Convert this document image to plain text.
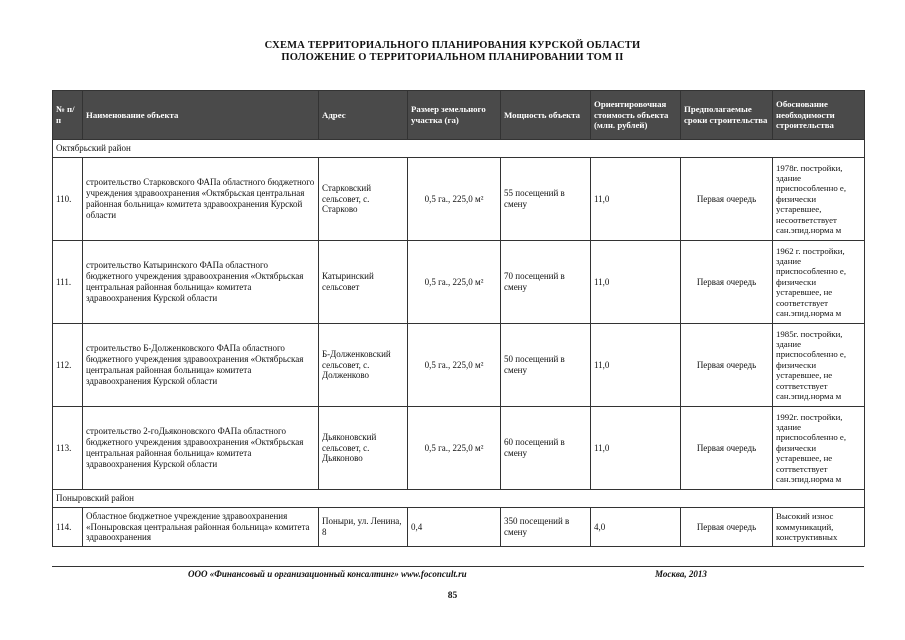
СХЕМА ТЕРРИТОРИАЛЬНОГО ПЛАНИРОВАНИЯ КУРСКОЙ ОБЛАСТИ
ПОЛОЖЕНИЕ О ТЕРРИТОРИАЛЬНОМ ПЛАНИРОВАНИИ ТОМ II
№ п/п	Наименование объекта	Адрес	Размер земельного участка (га)	Мощность объекта	Ориентировочная стоимость объекта (млн. рублей)	Предполагаемые сроки строительства	Обоснование необходимости строительства
Октябрьский район							
110.	строительство Старковского ФАПа областного бюджетного учреждения здравоохранения «Октябрьская центральная районная больница» комитета здравоохранения Курской области	Старковский сельсовет, с. Старково	0,5 га., 225,0 м²	55 посещений в смену	11,0	Первая очередь	1978г. постройки, здание приспособленно е, физически устаревшее, несоответствует сан.эпид.норма м
111.	строительство Катыринского ФАПа областного бюджетного учреждения здравоохранения «Октябрьская центральная районная больница» комитета здравоохранения Курской области	Катыринский сельсовет	0,5 га., 225,0 м²	70 посещений в смену	11,0	Первая очередь	1962 г. постройки, здание приспособленно е, физически устаревшее, не соответствует сан.эпид.норма м
112.	строительство Б-Долженковского ФАПа областного бюджетного учреждения здравоохранения «Октябрьская центральная районная больница» комитета здравоохранения Курской области	Б-Долженковский сельсовет, с. Долженково	0,5 га., 225,0 м²	50 посещений в смену	11,0	Первая очередь	1985г. постройки, здание приспособленно е, физически устаревшее, не соттветствует сан.эпид.норма м
113.	строительство 2-гоДьяконовского ФАПа областного бюджетного учреждения здравоохранения «Октябрьская центральная районная больница» комитета здравоохранения Курской области	Дьяконовский сельсовет, с. Дьяконово	0,5 га., 225,0 м²	60 посещений в смену	11,0	Первая очередь	1992г. постройки, здание приспособленно е, физически устаревшее, не соттветствует сан.эпид.норма м
Поныровский район							
114.	Областное бюджетное учреждение здравоохранения «Поныровская центральная районная больница» комитета здравоохранения	Поныри, ул. Ленина, 8	0,4	350 посещений в смену	4,0	Первая очередь	Высокий износ коммуникаций, конструктивных
ООО «Финансовый и организационный консалтинг» www.foconcult.ru	Москва, 2013
85
